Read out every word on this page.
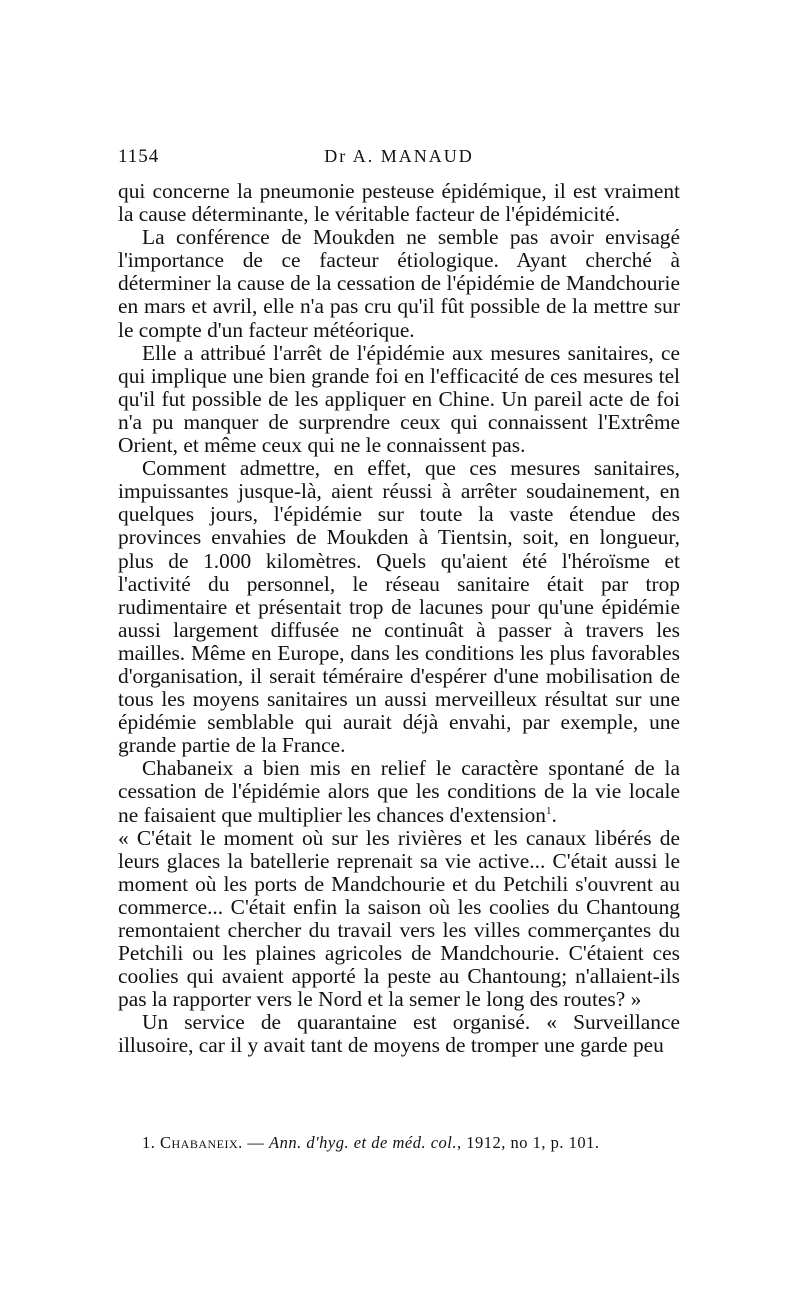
1154	Dr A. MANAUD

qui concerne la pneumonie pesteuse épidémique, il est vraiment la cause déterminante, le véritable facteur de l'épidémicité.

La conférence de Moukden ne semble pas avoir envisagé l'importance de ce facteur étiologique. Ayant cherché à déterminer la cause de la cessation de l'épidémie de Mandchourie en mars et avril, elle n'a pas cru qu'il fût possible de la mettre sur le compte d'un facteur météorique.

Elle a attribué l'arrêt de l'épidémie aux mesures sanitaires, ce qui implique une bien grande foi en l'efficacité de ces mesures tel qu'il fut possible de les appliquer en Chine. Un pareil acte de foi n'a pu manquer de surprendre ceux qui connaissent l'Extrême Orient, et même ceux qui ne le connaissent pas.

Comment admettre, en effet, que ces mesures sanitaires, impuissantes jusque-là, aient réussi à arrêter soudainement, en quelques jours, l'épidémie sur toute la vaste étendue des provinces envahies de Moukden à Tientsin, soit, en longueur, plus de 1.000 kilomètres. Quels qu'aient été l'héroïsme et l'activité du personnel, le réseau sanitaire était par trop rudimentaire et présentait trop de lacunes pour qu'une épidémie aussi largement diffusée ne continuât à passer à travers les mailles. Même en Europe, dans les conditions les plus favorables d'organisation, il serait téméraire d'espérer d'une mobilisation de tous les moyens sanitaires un aussi merveilleux résultat sur une épidémie semblable qui aurait déjà envahi, par exemple, une grande partie de la France.

Chabaneix a bien mis en relief le caractère spontané de la cessation de l'épidémie alors que les conditions de la vie locale ne faisaient que multiplier les chances d'extension$^1$.

« C'était le moment où sur les rivières et les canaux libérés de leurs glaces la batellerie reprenait sa vie active... C'était aussi le moment où les ports de Mandchourie et du Petchili s'ouvrent au commerce... C'était enfin la saison où les coolies du Chantoung remontaient chercher du travail vers les villes commerçantes du Petchili ou les plaines agricoles de Mandchourie. C'étaient ces coolies qui avaient apporté la peste au Chantoung; n'allaient-ils pas la rapporter vers le Nord et la semer le long des routes? »

Un service de quarantaine est organisé. « Surveillance illusoire, car il y avait tant de moyens de tromper une garde peu

1. Chabaneix. — Ann. d'hyg. et de méd. col., 1912, no 1, p. 101.
